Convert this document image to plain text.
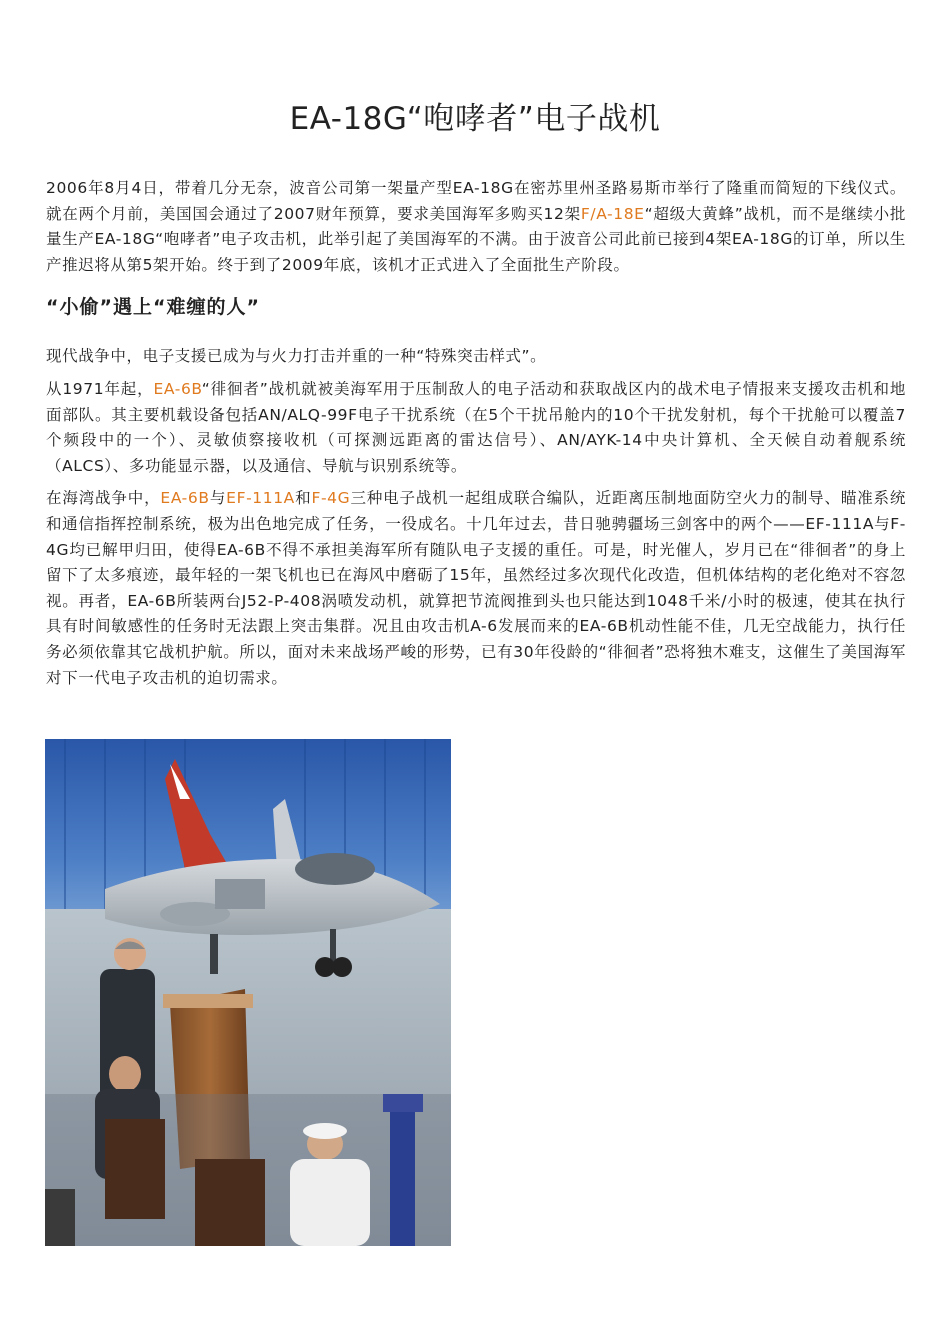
EA-18G“咆哮者”电子战机

2006年8月4日，带着几分无奈，波音公司第一架量产型EA-18G在密苏里州圣路易斯市举行了隆重而简短的下线仪式。就在两个月前，美国国会通过了2007财年预算，要求美国海军多购买12架F/A-18E“超级大黄蜂”战机，而不是继续小批量生产EA-18G“咆哮者”电子攻击机，此举引起了美国海军的不满。由于波音公司此前已接到4架EA-18G的订单，所以生产推迟将从第5架开始。终于到了2009年底，该机才正式进入了全面批生产阶段。

“小偷”遇上“难缠的人”

现代战争中，电子支援已成为与火力打击并重的一种“特殊突击样式”。

从1971年起，EA-6B“徘徊者”战机就被美海军用于压制敌人的电子活动和获取战区内的战术电子情报来支援攻击机和地面部队。其主要机载设备包括AN/ALQ-99F电子干扰系统（在5个干扰吊舱内的10个干扰发射机，每个干扰舱可以覆盖7个频段中的一个）、灵敏侦察接收机（可探测远距离的雷达信号）、AN/AYK-14中央计算机、全天候自动着舰系统（ALCS）、多功能显示器，以及通信、导航与识别系统等。

在海湾战争中，EA-6B与EF-111A和F-4G三种电子战机一起组成联合编队，近距离压制地面防空火力的制导、瞄准系统和通信指挥控制系统，极为出色地完成了任务，一役成名。十几年过去，昔日驰骋疆场三剑客中的两个——EF-111A与F-4G均已解甲归田，使得EA-6B不得不承担美海军所有随队电子支援的重任。可是，时光催人，岁月已在“徘徊者”的身上留下了太多痕迹，最年轻的一架飞机也已在海风中磨砺了15年，虽然经过多次现代化改造，但机体结构的老化绝对不容忽视。再者，EA-6B所装两台J52-P-408涡喷发动机，就算把节流阀推到头也只能达到1048千米/小时的极速，使其在执行具有时间敏感性的任务时无法跟上突击集群。况且由攻击机A-6发展而来的EA-6B机动性能不佳，几无空战能力，执行任务必须依靠其它战机护航。所以，面对未来战场严峻的形势，已有30年役龄的“徘徊者”恐将独木难支，这催生了美国海军对下一代电子攻击机的迫切需求。
